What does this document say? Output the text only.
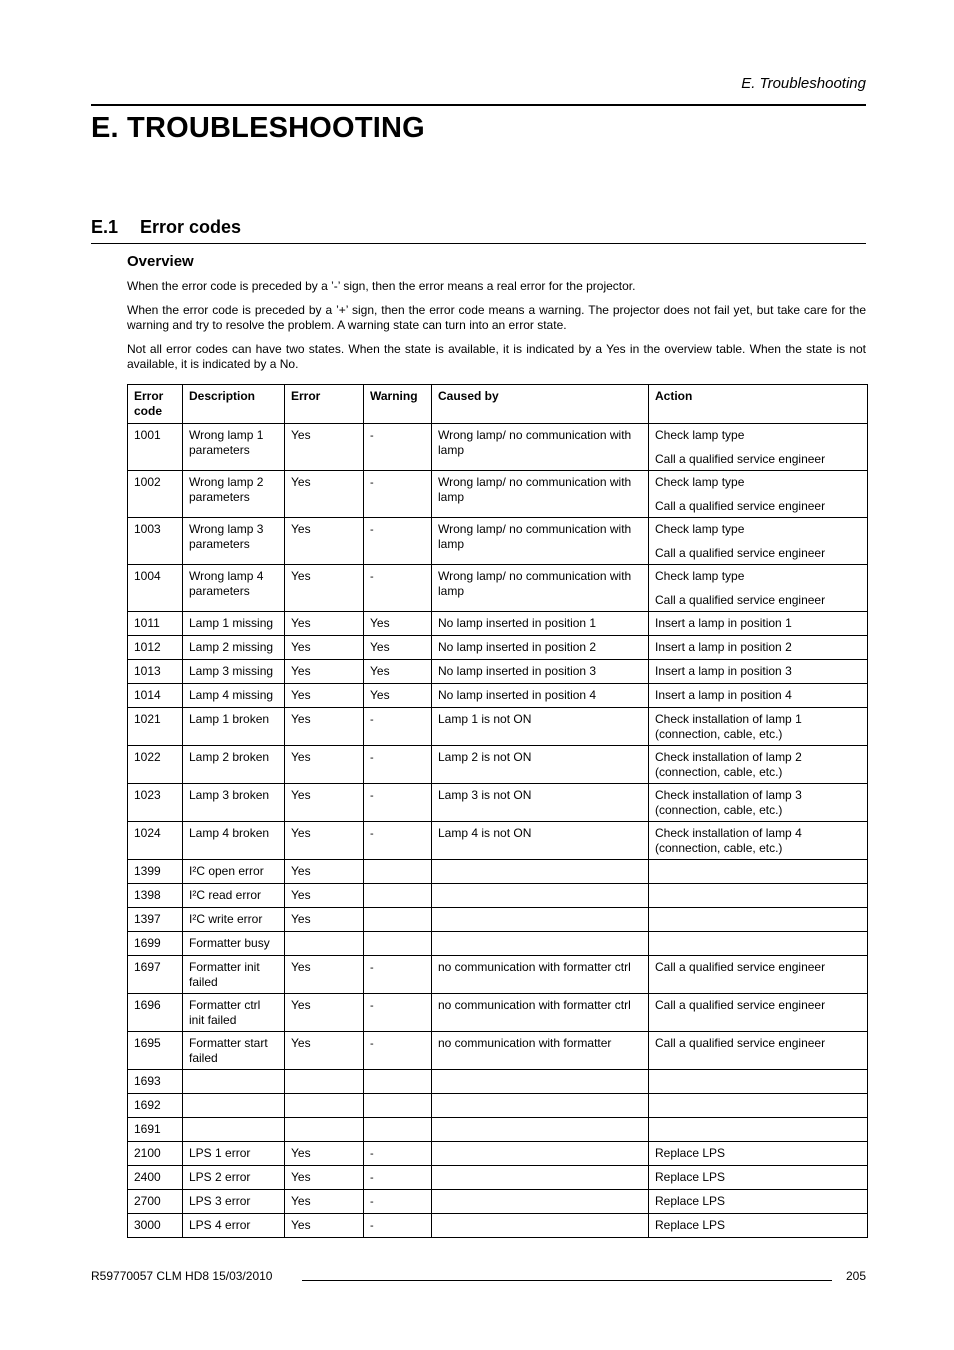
E. Troubleshooting
E. TROUBLESHOOTING
E.1 Error codes
Overview

When the error code is preceded by a ’-’ sign, then the error means a real error for the projector.

When the error code is preceded by a ’+’ sign, then the error code means a warning. The projector does not fail yet, but take care for the warning and try to resolve the problem. A warning state can turn into an error state.

Not all error codes can have two states. When the state is available, it is indicated by a Yes in the overview table. When the state is not available, it is indicated by a No.

Error code	Description	Error	Warning	Caused by	Action
1001	Wrong lamp 1 parameters	Yes	-	Wrong lamp/ no communication with lamp	Check lamp type
Call a qualified service engineer

1002	Wrong lamp 2 parameters	Yes	-	Wrong lamp/ no communication with lamp	Check lamp type
Call a qualified service engineer

1003	Wrong lamp 3 parameters	Yes	-	Wrong lamp/ no communication with lamp	Check lamp type
Call a qualified service engineer

1004	Wrong lamp 4 parameters	Yes	-	Wrong lamp/ no communication with lamp	Check lamp type
Call a qualified service engineer

1011	Lamp 1 missing	Yes	Yes	No lamp inserted in position 1	Insert a lamp in position 1
1012	Lamp 2 missing	Yes	Yes	No lamp inserted in position 2	Insert a lamp in position 2
1013	Lamp 3 missing	Yes	Yes	No lamp inserted in position 3	Insert a lamp in position 3
1014	Lamp 4 missing	Yes	Yes	No lamp inserted in position 4	Insert a lamp in position 4
1021	Lamp 1 broken	Yes	-	Lamp 1 is not ON	Check installation of lamp 1 (connection, cable, etc.)
1022	Lamp 2 broken	Yes	-	Lamp 2 is not ON	Check installation of lamp 2 (connection, cable, etc.)
1023	Lamp 3 broken	Yes	-	Lamp 3 is not ON	Check installation of lamp 3 (connection, cable, etc.)
1024	Lamp 4 broken	Yes	-	Lamp 4 is not ON	Check installation of lamp 4 (connection, cable, etc.)
1399	I²C open error	Yes			
1398	I²C read error	Yes			
1397	I²C write error	Yes			
1699	Formatter busy				
1697	Formatter init failed	Yes	-	no communication with formatter ctrl	Call a qualified service engineer
1696	Formatter ctrl init failed	Yes	-	no communication with formatter ctrl	Call a qualified service engineer
1695	Formatter start failed	Yes	-	no communication with formatter	Call a qualified service engineer
1693					
1692					
1691					
2100	LPS 1 error	Yes	-		Replace LPS
2400	LPS 2 error	Yes	-		Replace LPS
2700	LPS 3 error	Yes	-		Replace LPS
3000	LPS 4 error	Yes	-		Replace LPS
R59770057 CLM HD8 15/03/2010	205
